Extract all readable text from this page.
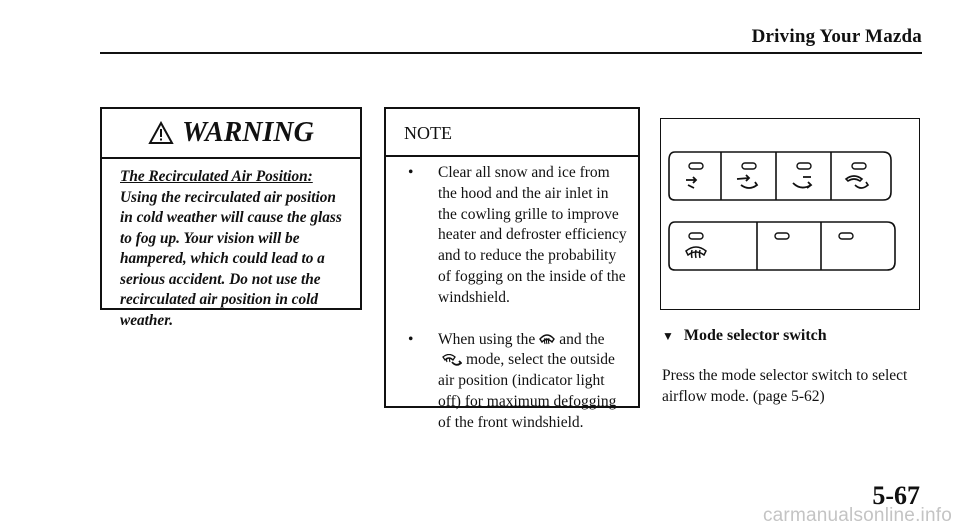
Driving Your Mazda
WARNING
The Recirculated Air Position:
Using the recirculated air position in cold weather will cause the glass to fog up. Your vision will be hampered, which could lead to a serious accident. Do not use the recirculated air position in cold weather.
NOTE
• Clear all snow and ice from the hood and the air inlet in the cowling grille to improve heater and defroster efficiency and to reduce the probability of fogging on the inside of the windshield.
• When using the and the
mode, select the outside air position (indicator light off) for maximum defogging of the front windshield.
▼ Mode selector switch
Press the mode selector switch to select airflow mode. (page 5-62)
5-67
carmanualsonline.info
